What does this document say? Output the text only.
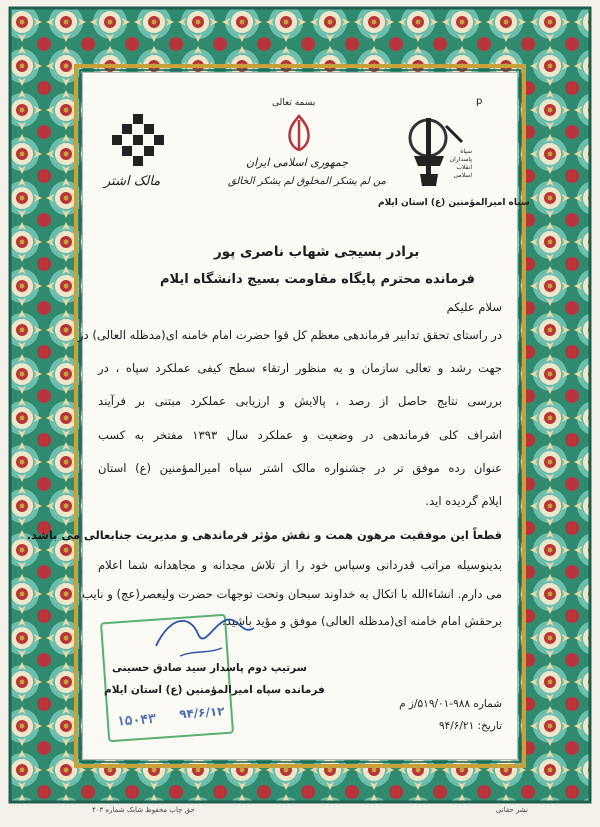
p
مالک اشتر
بسمه تعالی
جمهوری اسلامی ایران
من لم یشکر المخلوق لم یشکر الخالق
سپاه پاسداران انقلاب اسلامی
سپاه امیرالمؤمنین (ع) استان ایلام
برادر بسیجی شهاب ناصری پور
فرمانده محترم پایگاه مقاومت بسیج دانشگاه ایلام
سلام علیکم
در راستای تحقق تدابیر فرماندهی معظم کل قوا حضرت امام خامنه ای(مدظله العالی) در
جهت رشد و تعالی سازمان و به منظور ارتقاء سطح کیفی عملکرد سپاه ، در
بررسی نتایج حاصل از رصد ، پالایش و ارزیابی عملکرد مبتنی بر فرآیند
اشراف کلی فرماندهی در وضعیت و عملکرد سال ۱۳۹۳ مفتخر به کسب
عنوان رده موفق تر در جشنواره مالک اشتر سپاه امیرالمؤمنین (ع) استان
ایلام گردیده اید.
قطعاً این موفقیت مرهون همت و نقش مؤثر فرماندهی و مدیریت جنابعالی می باشد.
بدینوسیله مراتب قدردانی وسپاس خود را از تلاش مجدانه و مجاهدانه شما اعلام
می دارم. انشاءالله با اتکال به خداوند سبحان وتحت توجهات حضرت ولیعصر(عج) و نایب
برحقش امام خامنه ای(مدظله العالی) موفق و مؤید باشید.
۱۵۰۴۳ ۹۴/۶/۱۲
سرتیپ دوم پاسدار سید صادق حسینی
فرمانده سپاه امیرالمؤمنین (ع) استان ایلام
شماره ۹۸۸-۵۱۹/۰۱/ز م
تاریخ: ۹۴/۶/۲۱
حق چاپ محفوظ شابک شماره ۴۰۳	نشر حقانی
